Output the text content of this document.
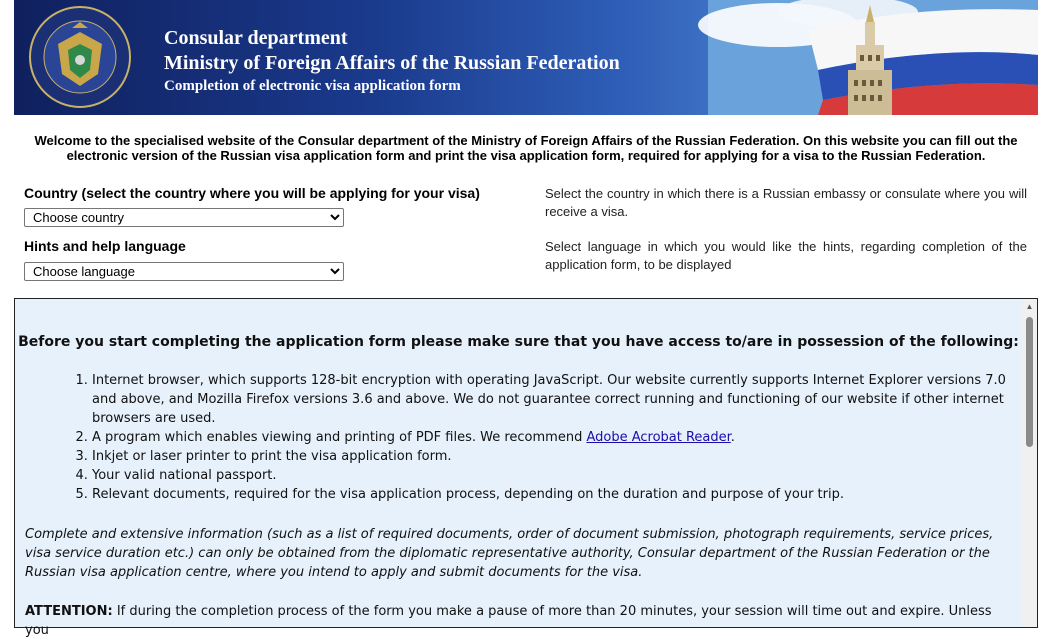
Consular department
Ministry of Foreign Affairs of the Russian Federation
Completion of electronic visa application form
Welcome to the specialised website of the Consular department of the Ministry of Foreign Affairs of the Russian Federation. On this website you can fill out the electronic version of the Russian visa application form and print the visa application form, required for applying for a visa to the Russian Federation.
Country (select the country where you will be applying for your visa)
Choose country	Select the country in which there is a Russian embassy or consulate where you will receive a visa.
Hints and help language
Choose language	Select language in which you would like the hints, regarding completion of the application form, to be displayed
Before you start completing the application form please make sure that you have access to/are in possession of the following:
1. Internet browser, which supports 128-bit encryption with operating JavaScript. Our website currently supports Internet Explorer versions 7.0 and above, and Mozilla Firefox versions 3.6 and above. We do not guarantee correct running and functioning of our website if other internet browsers are used.
2. A program which enables viewing and printing of PDF files. We recommend Adobe Acrobat Reader.
3. Inkjet or laser printer to print the visa application form.
4. Your valid national passport.
5. Relevant documents, required for the visa application process, depending on the duration and purpose of your trip.

Complete and extensive information (such as a list of required documents, order of document submission, photograph requirements, service prices, visa service duration etc.) can only be obtained from the diplomatic representative authority, Consular department of the Russian Federation or the Russian visa application centre, where you intend to apply and submit documents for the visa.

ATTENTION: If during the completion process of the form you make a pause of more than 20 minutes, your session will time out and expire. Unless you

▲
